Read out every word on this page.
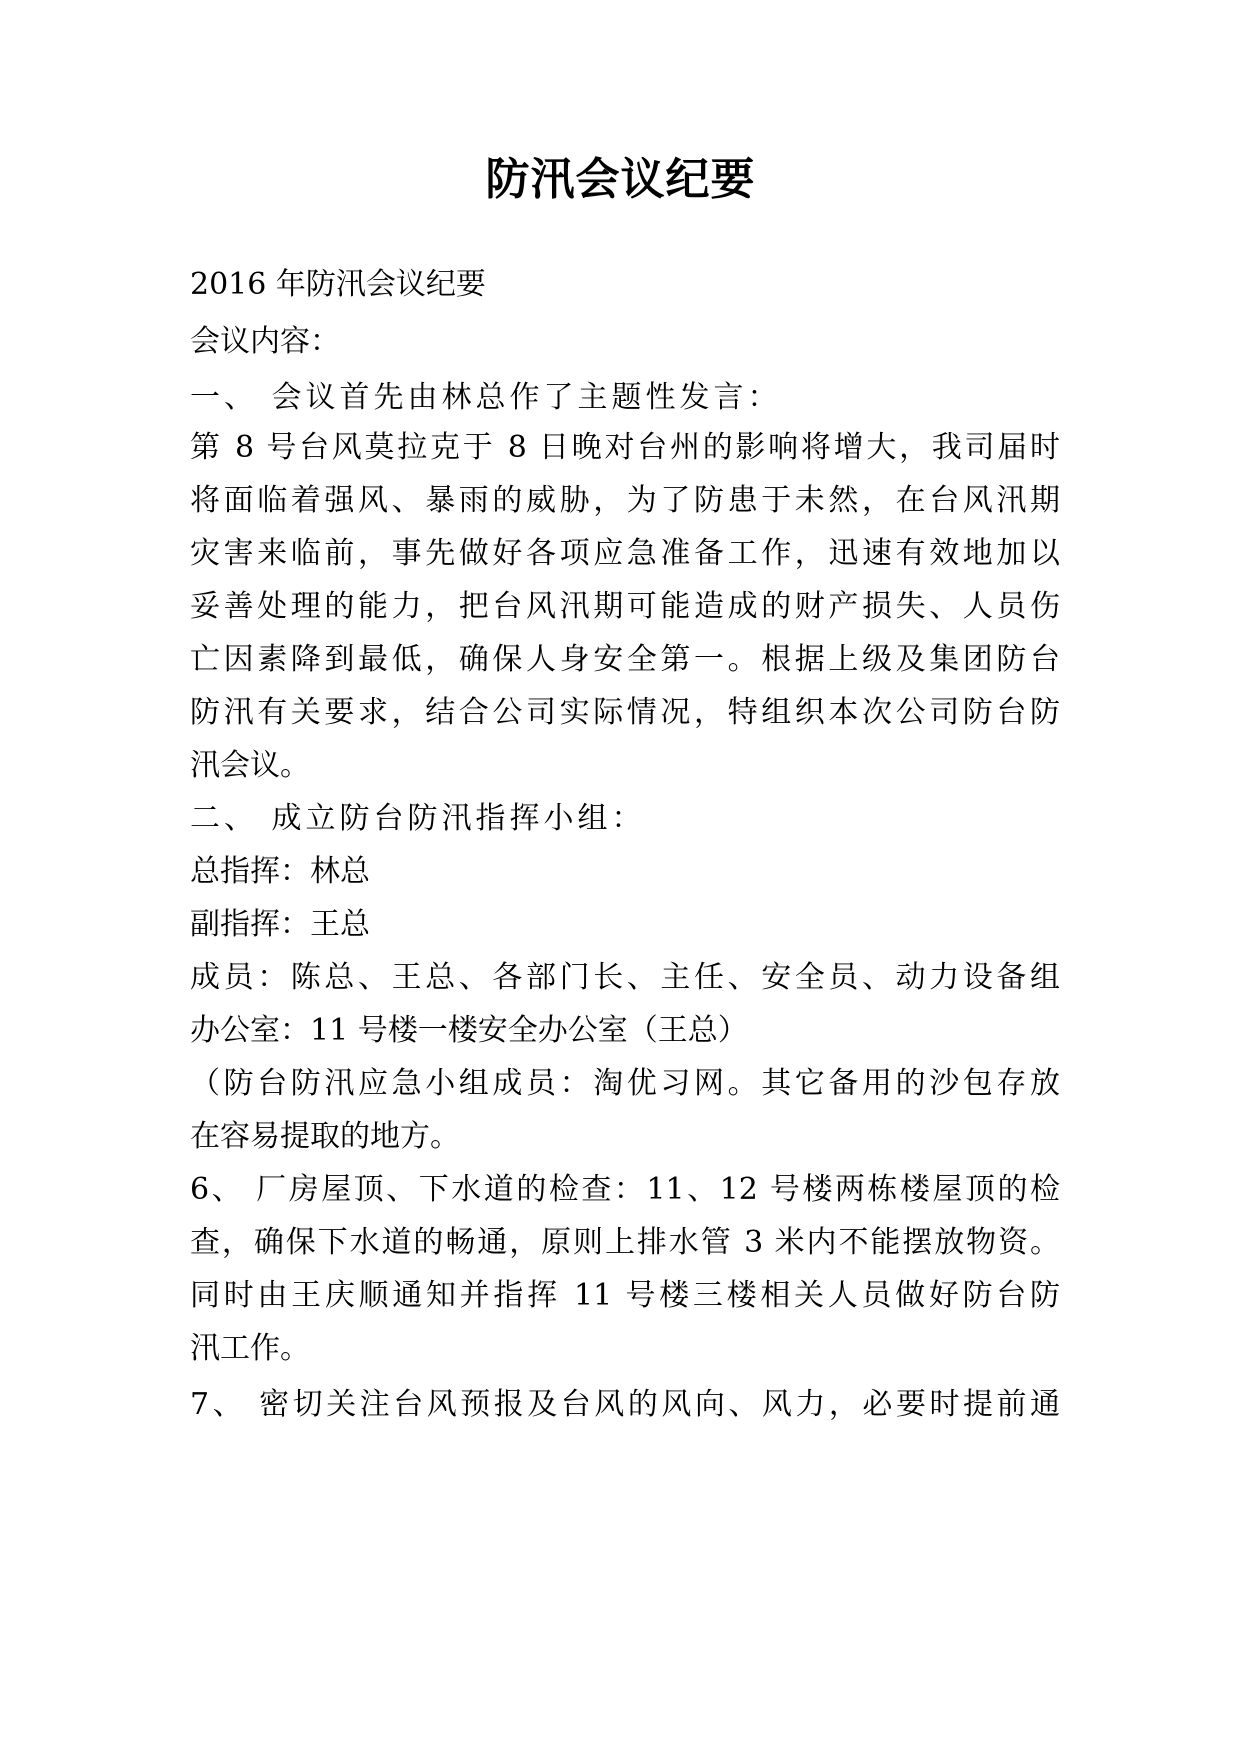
防汛会议纪要
2016 年防汛会议纪要
会议内容：
一、 会议首先由林总作了主题性发言：
第 8 号台风莫拉克于 8 日晚对台州的影响将增大，我司届时
将面临着强风、暴雨的威胁，为了防患于未然，在台风汛期
灾害来临前，事先做好各项应急准备工作，迅速有效地加以
妥善处理的能力，把台风汛期可能造成的财产损失、人员伤
亡因素降到最低，确保人身安全第一。根据上级及集团防台
防汛有关要求，结合公司实际情况，特组织本次公司防台防
汛会议。
二、 成立防台防汛指挥小组：
总指挥：林总
副指挥：王总
成员：陈总、王总、各部门长、主任、安全员、动力设备组
办公室：11 号楼一楼安全办公室（王总）
（防台防汛应急小组成员：淘优习网。其它备用的沙包存放
在容易提取的地方。
6、 厂房屋顶、下水道的检查：11、12 号楼两栋楼屋顶的检
查，确保下水道的畅通，原则上排水管 3 米内不能摆放物资。
同时由王庆顺通知并指挥 11 号楼三楼相关人员做好防台防
汛工作。
7、 密切关注台风预报及台风的风向、风力，必要时提前通
